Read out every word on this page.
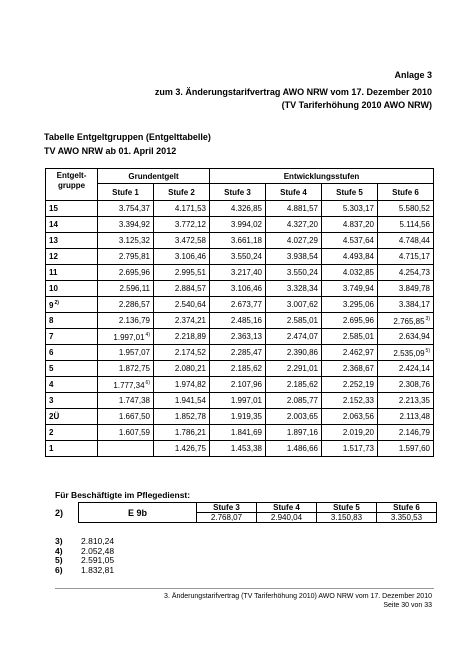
Anlage 3
zum 3. Änderungstarifvertrag AWO NRW vom 17. Dezember 2010
(TV Tariferhöhung 2010 AWO NRW)
Tabelle Entgeltgruppen (Entgelttabelle)
TV AWO NRW ab 01. April 2012
Entgelt-
gruppe	Grundentgelt		Entwicklungsstufen			
	Stufe 1	Stufe 2	Stufe 3	Stufe 4	Stufe 5	Stufe 6
15	3.754,37	4.171,53	4.326,85	4.881,57	5.303,17	5.580,52
14	3.394,92	3.772,12	3.994,02	4.327,20	4.837,20	5.114,56
13	3.125,32	3.472,58	3.661,18	4.027,29	4.537,64	4.748,44
12	2.795,81	3.106,46	3.550,24	3.938,54	4.493,84	4.715,17
11	2.695,96	2.995,51	3.217,40	3.550,24	4.032,85	4.254,73
10	2.596,11	2.884,57	3.106,46	3.328,34	3.749,94	3.849,78
9$^{2)}$	2.286,57	2.540,64	2.673,77	3.007,62	3.295,06	3.384,17
8	2.136,79	2.374,21	2.485,16	2.585,01	2.695,96	2.765,85$^{3)}$
7	1.997,01$^{4)}$	2.218,89	2.363,13	2.474,07	2.585,01	2.634,94
6	1.957,07	2.174,52	2.285,47	2.390,86	2.462,97	2.535,09$^{5)}$
5	1.872,75	2.080,21	2.185,62	2.291,01	2.368,67	2.424,14
4	1.777,34$^{6)}$	1.974,82	2.107,96	2.185,62	2.252,19	2.308,76
3	1.747,38	1.941,54	1.997,01	2.085,77	2.152,33	2.213,35
2Ü	1.667,50	1.852,78	1.919,35	2.003,65	2.063,56	2.113,48
2	1.607,59	1.786,21	1.841,69	1.897,16	2.019,20	2.146,79
1		1.426,75	1.453,38	1.486,66	1.517,73	1.597,60
Für Beschäftigte im Pflegedienst:
2)	E 9b	Stufe 3	Stufe 4	Stufe 5	Stufe 6
	2.768,07	2.940,04	3.150,83	3.350,53
3)	2.810,24
4)	2.052,48
5)	2.591,05
6)	1.832,81
3. Änderungstarifvertrag (TV Tariferhöhung 2010) AWO NRW vom 17. Dezember 2010
Seite 30 von 33
